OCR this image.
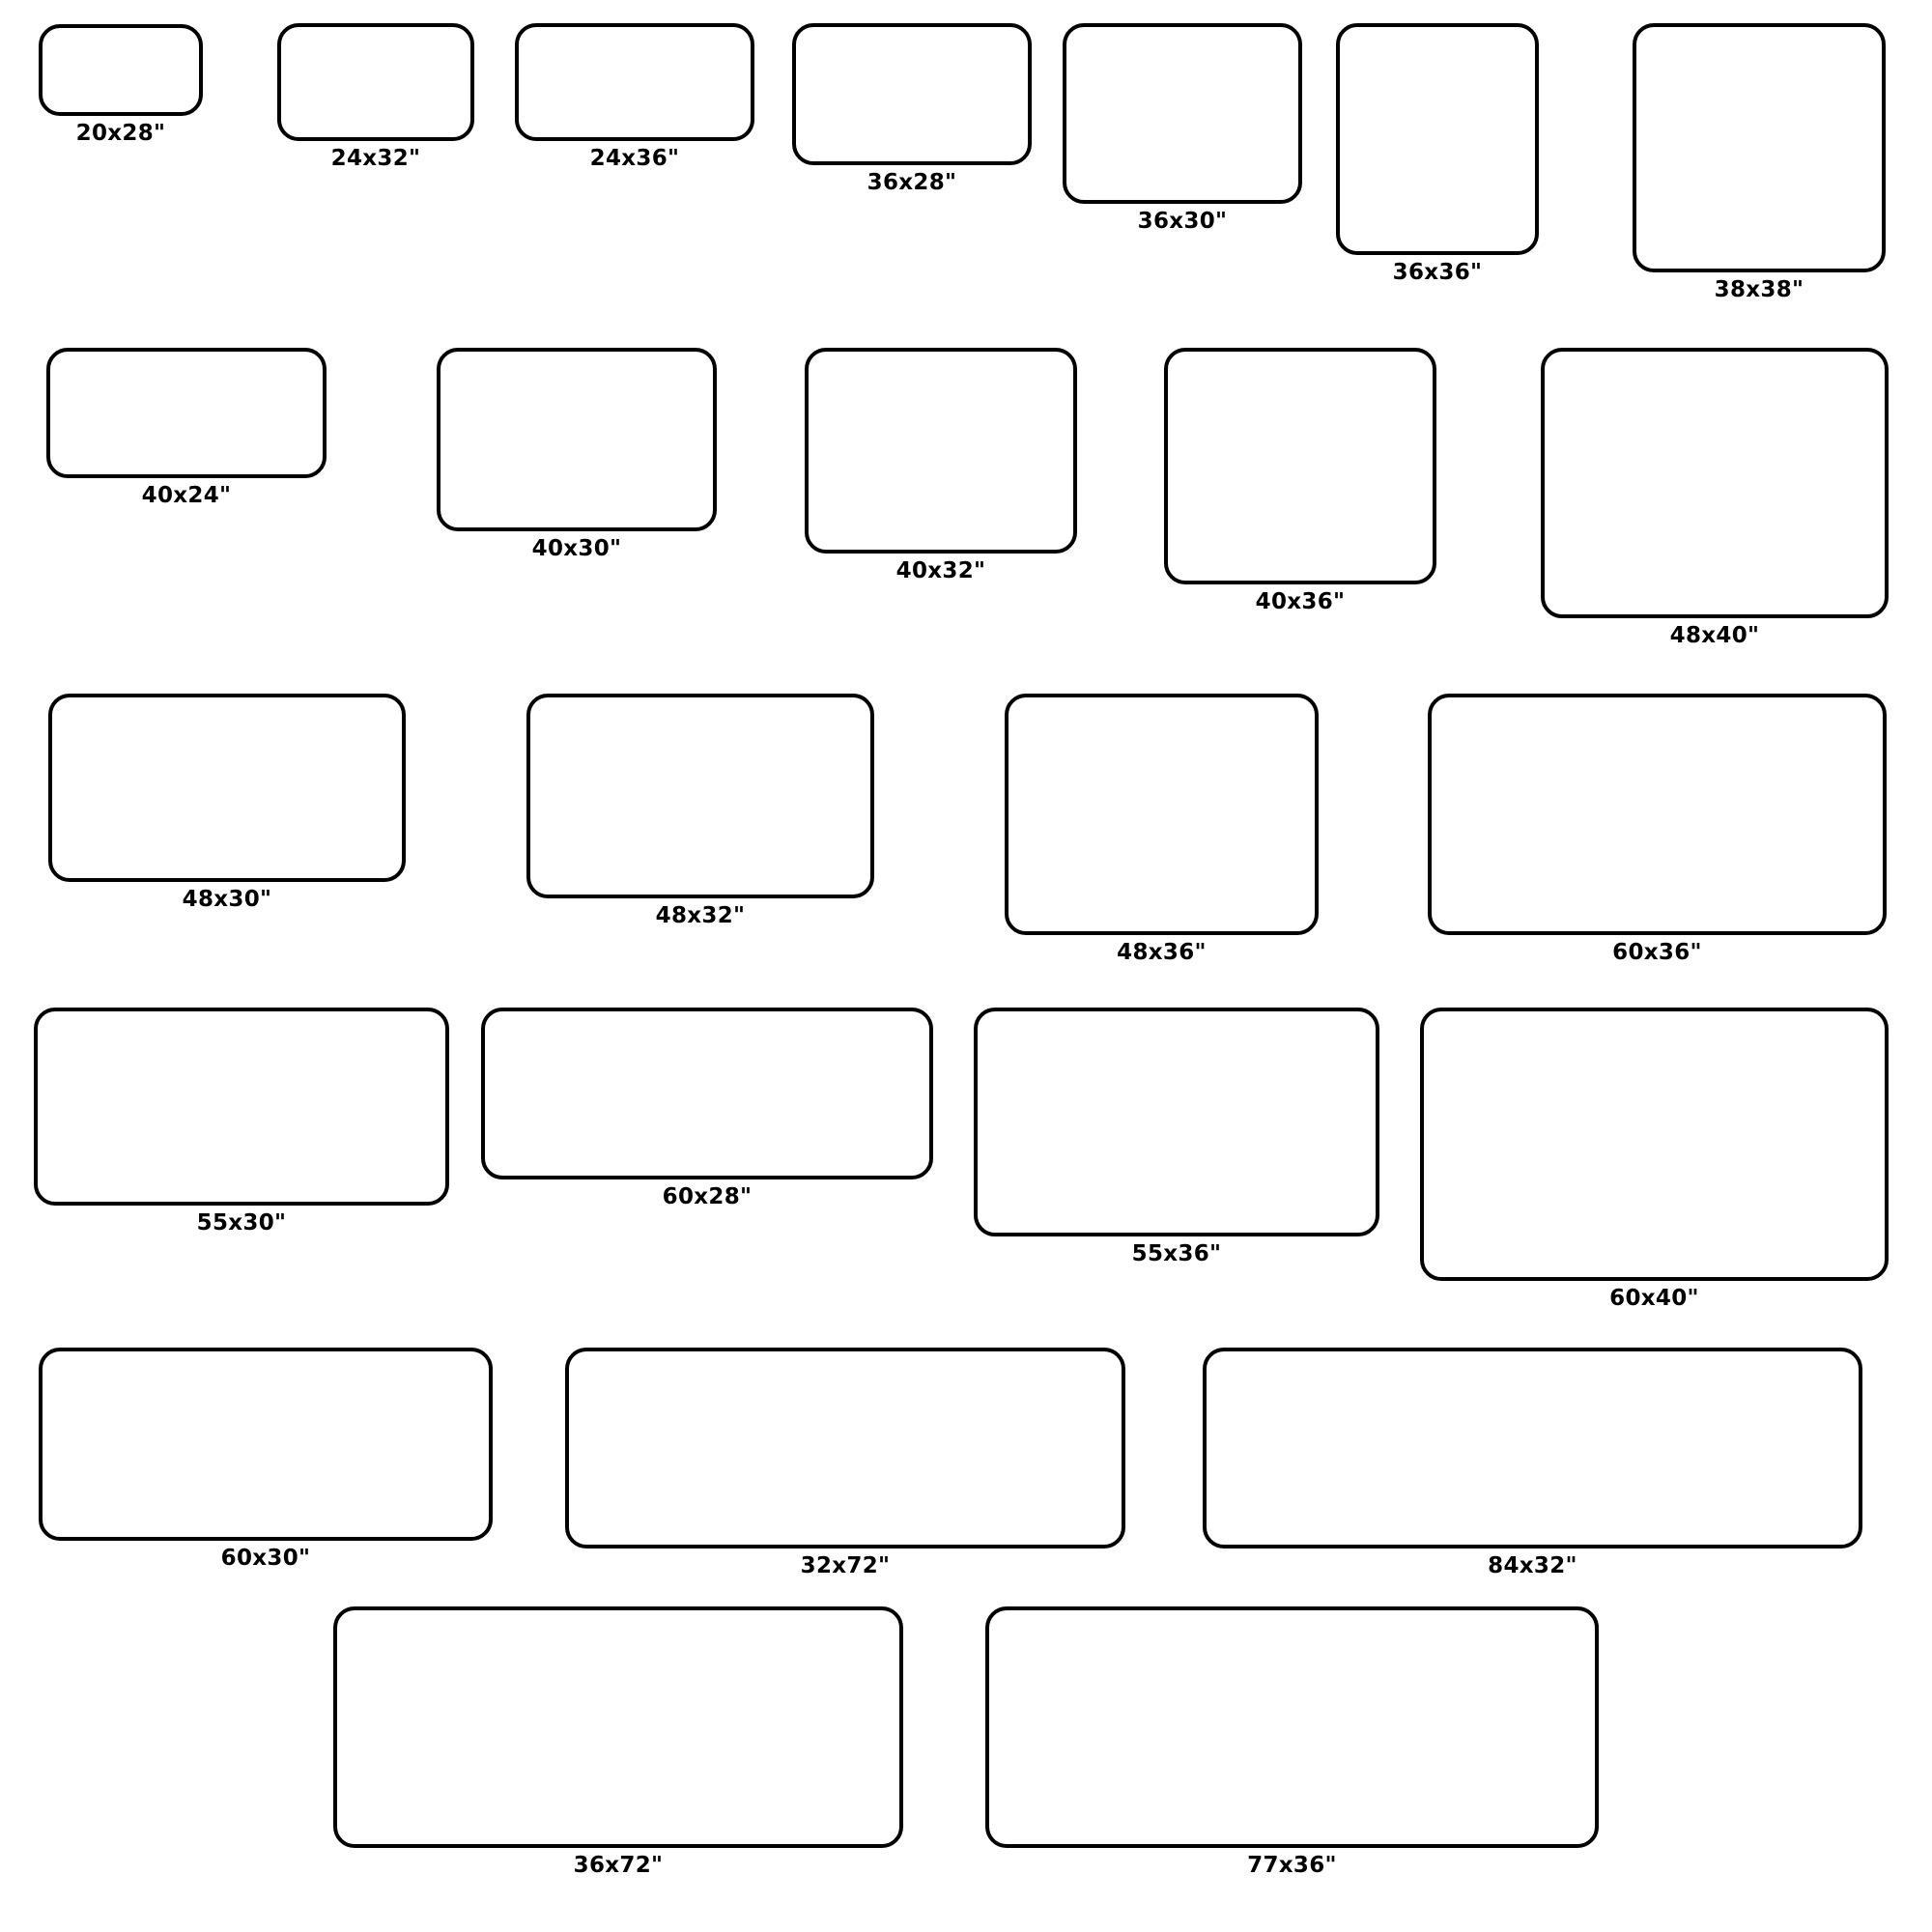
20x28"
24x32"	24x36"
36x28"
36x30"
36x36"
38x38"
40x24"
40x30"
40x32"
40x36"
48x40"
48x30"
48x32"
48x36"	60x36"
55x30"
60x28"
55x36"
60x40"
60x30"	32x72"	84x32"
36x72"	77x36"
